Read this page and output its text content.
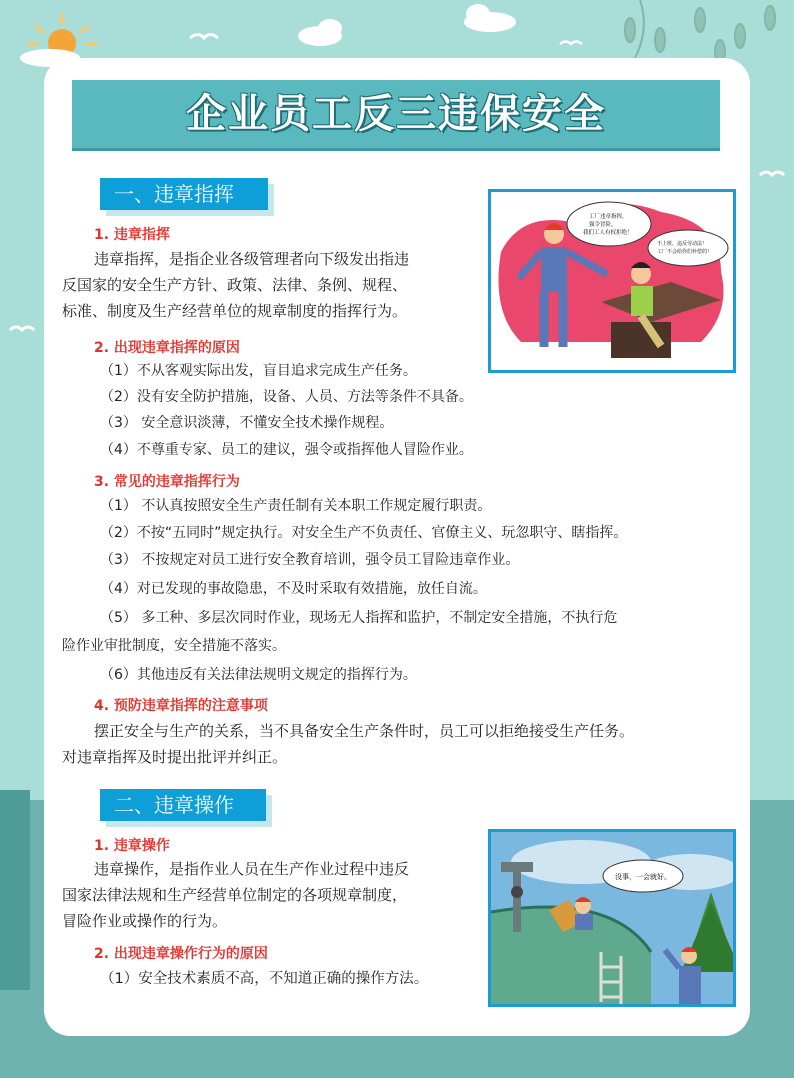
企业员工反三违保安全
一、违章指挥
1. 违章指挥
违章指挥，是指企业各级管理者向下级发出指违
反国家的安全生产方针、政策、法律、条例、规程、
标准、制度及生产经营单位的规章制度的指挥行为。
2. 出现违章指挥的原因
（1）不从客观实际出发，盲目追求完成生产任务。
（2）没有安全防护措施，设备、人员、方法等条件不具备。
（3） 安全意识淡薄，不懂安全技术操作规程。
（4）不尊重专家、员工的建议，强令或指挥他人冒险作业。
3. 常见的违章指挥行为
（1） 不认真按照安全生产责任制有关本职工作规定履行职责。
（2）不按“五同时”规定执行。对安全生产不负责任、官僚主义、玩忽职守、瞎指挥。
（3） 不按规定对员工进行安全教育培训，强令员工冒险违章作业。
（4）对已发现的事故隐患，不及时采取有效措施，放任自流。
（5） 多工种、多层次同时作业，现场无人指挥和监护，不制定安全措施，不执行危
险作业审批制度，安全措施不落实。
（6）其他违反有关法律法规明文规定的指挥行为。
4. 预防违章指挥的注意事项
摆正安全与生产的关系，当不具备安全生产条件时，员工可以拒绝接受生产任务。
对违章指挥及时提出批评并纠正。
工厂违章指挥，
强令冒险，
我们工人有权拒绝！
不上班，违反劳动法！
工厂不会给你们补偿的！
二、违章操作
1. 违章操作
违章操作，是指作业人员在生产作业过程中违反
国家法律法规和生产经营单位制定的各项规章制度，
冒险作业或操作的行为。
2. 出现违章操作行为的原因
（1）安全技术素质不高，不知道正确的操作方法。
没事，一会就好。
